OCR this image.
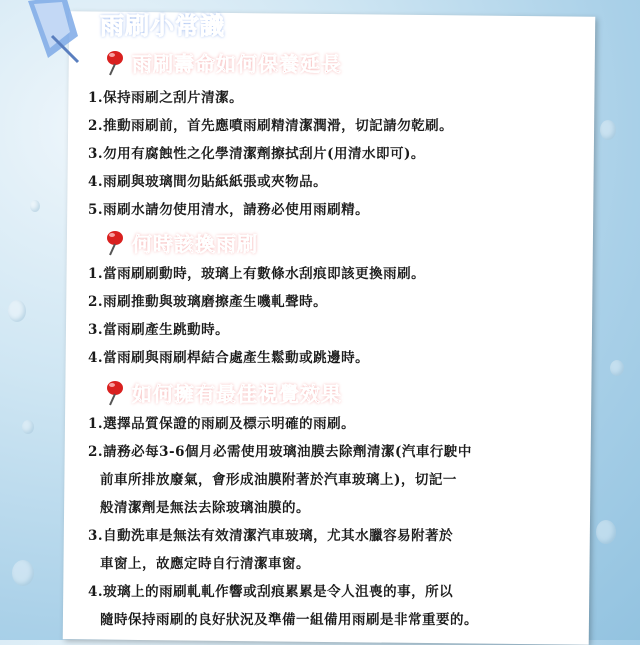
雨刷小常識
雨刷壽命如何保養延長
1.保持雨刷之刮片清潔。
2.推動雨刷前，首先應噴雨刷精清潔潤滑，切記請勿乾刷。
3.勿用有腐蝕性之化學清潔劑擦拭刮片(用清水即可)。
4.雨刷與玻璃間勿貼紙紙張或夾物品。
5.雨刷水請勿使用清水，請務必使用雨刷精。
何時該換雨刷
1.當雨刷刷動時，玻璃上有數條水刮痕即該更換雨刷。
2.雨刷推動與玻璃磨擦產生嘰軋聲時。
3.當雨刷產生跳動時。
4.當雨刷與雨刷桿結合處產生鬆動或跳邊時。
如何擁有最佳視覺效果
1.選擇品質保證的雨刷及標示明確的雨刷。
2.請務必每3-6個月必需使用玻璃油膜去除劑清潔(汽車行駛中
前車所排放廢氣，會形成油膜附著於汽車玻璃上)，切記一
般清潔劑是無法去除玻璃油膜的。
3.自動洗車是無法有效清潔汽車玻璃，尤其水臘容易附著於
車窗上，故應定時自行清潔車窗。
4.玻璃上的雨刷軋軋作響或刮痕累累是令人沮喪的事，所以
隨時保持雨刷的良好狀況及準備一組備用雨刷是非常重要的。
